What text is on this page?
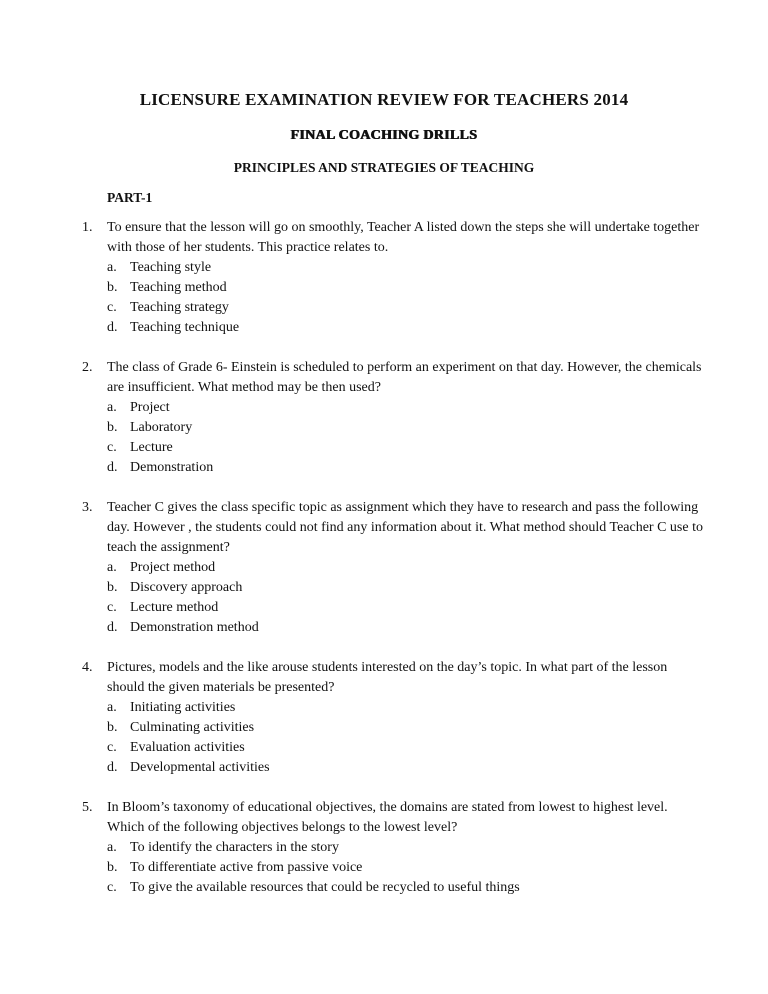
LICENSURE EXAMINATION REVIEW FOR TEACHERS 2014
FINAL COACHING DRILLS
PRINCIPLES AND STRATEGIES OF TEACHING
PART-1
1. To ensure that the lesson will go on smoothly, Teacher A listed down the steps she will undertake together with those of her students. This practice relates to.
a. Teaching style
b. Teaching method
c. Teaching strategy
d. Teaching technique
2. The class of Grade 6- Einstein is scheduled to perform an experiment on that day. However, the chemicals are insufficient. What method may be then used?
a. Project
b. Laboratory
c. Lecture
d. Demonstration
3. Teacher C gives the class specific topic as assignment which they have to research and pass the following day. However , the students could not find any information about it. What method should Teacher C use to teach the assignment?
a. Project method
b. Discovery approach
c. Lecture method
d. Demonstration method
4. Pictures, models and the like arouse students interested on the day’s topic. In what part of the lesson should the given materials be presented?
a. Initiating activities
b. Culminating activities
c. Evaluation activities
d. Developmental activities
5. In Bloom’s taxonomy of educational objectives, the domains are stated from lowest to highest level. Which of the following objectives belongs to the lowest level?
a. To identify the characters in the story
b. To differentiate active from passive voice
c. To give the available resources that could be recycled to useful things
